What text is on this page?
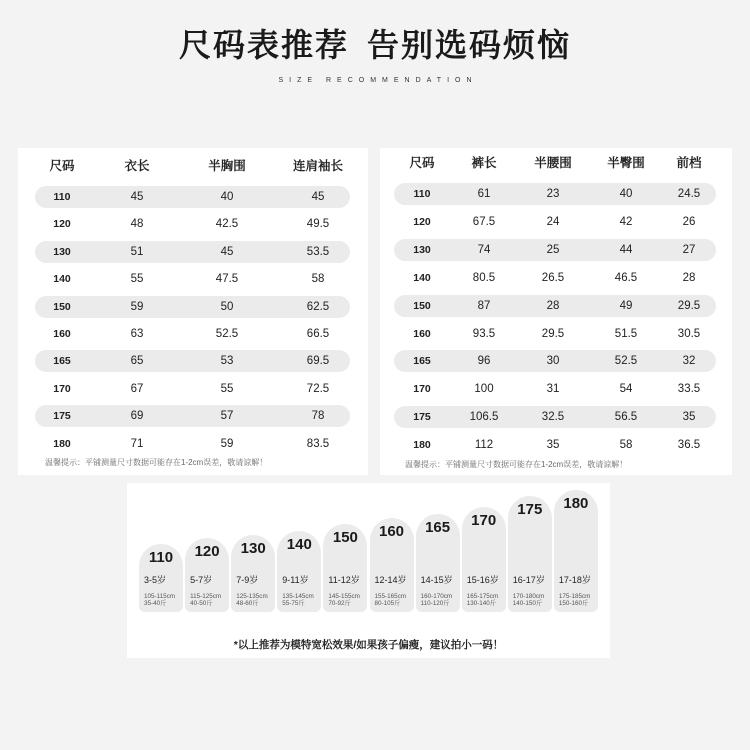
尺码表推荐 告别选码烦恼
SIZE RECOMMENDATION
温馨提示：平铺测量尺寸数据可能存在1-2cm误差，敬请谅解！
尺码	衣长	半胸围	连肩袖长
110	45	40	45
120	48	42.5	49.5
130	51	45	53.5
140	55	47.5	58
150	59	50	62.5
160	63	52.5	66.5
165	65	53	69.5
170	67	55	72.5
175	69	57	78
180	71	59	83.5
温馨提示：平铺测量尺寸数据可能存在1-2cm误差，敬请谅解！
尺码	裤长	半腰围	半臀围	前档
110	61	23	40	24.5
120	67.5	24	42	26
130	74	25	44	27
140	80.5	26.5	46.5	28
150	87	28	49	29.5
160	93.5	29.5	51.5	30.5
165	96	30	52.5	32
170	100	31	54	33.5
175	106.5	32.5	56.5	35
180	112	35	58	36.5
*以上推荐为模特宽松效果/如果孩子偏瘦，建议拍小一码！
110
3-5岁
105-115cm
35-40斤
120
5-7岁
115-125cm
40-50斤
130
7-9岁
125-135cm
48-60斤
140
9-11岁
135-145cm
55-75斤
150
11-12岁
145-155cm
70-92斤
160
12-14岁
155-165cm
80-105斤
165
14-15岁
160-170cm
110-120斤
170
15-16岁
165-175cm
130-140斤
175
16-17岁
170-180cm
140-150斤
180
17-18岁
175-185cm
150-160斤
